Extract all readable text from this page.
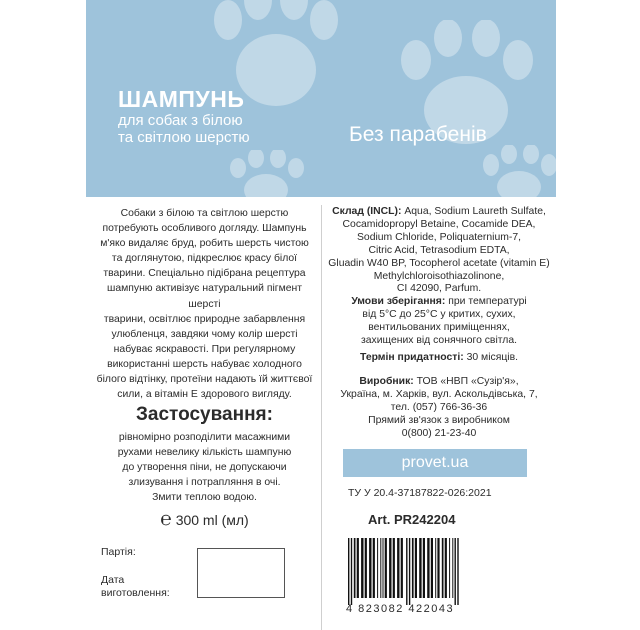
ШАМПУНЬ
для собак з білою
та світлою шерстю	Без парабенів
Собаки з білою та світлою шерстю
потребують особливого догляду. Шампунь
м'яко видаляє бруд, робить шерсть чистою
та доглянутою, підкреслює красу білої
тварини. Спеціально підібрана рецептура
шампуню активізує натуральний пігмент шерсті
тварини, освітлює природне забарвлення
улюбленця, завдяки чому колір шерсті
набуває яскравості. При регулярному
використанні шерсть набуває холодного
білого відтінку, протеїни надають їй життєвої
сили, а вітамін Е здорового вигляду.
Застосування:
рівномірно розподілити масажними
рухами невелику кількість шампуню
до утворення піни, не допускаючи
злизування і потрапляння в очі.
Змити теплою водою.
℮ 300 ml (мл)
Партія:
Дата
виготовлення:
Склад (INCL): Aqua, Sodium Laureth Sulfate,
Cocamidopropyl Betaine, Cocamide DEA,
Sodium Chloride, Poliquaternium-7,
Citric Acid, Tetrasodium EDTA,
Gluadin W40 BP, Tocopherol acetate (vitamin E)
Methylchloroisothiazolinone,
CI 42090, Parfum.
Умови зберігання: при температурі
від 5°С до 25°С у критих, сухих,
вентильованих приміщеннях,
захищених від сонячного світла.
Термін придатності: 30 місяців.
Виробник: ТОВ «НВП «Сузір'я»,
Україна, м. Харків, вул. Аскольдівська, 7,
тел. (057) 766-36-36
Прямий зв'язок з виробником
0(800) 21-23-40
provet.ua
ТУ У 20.4-37187822-026:2021
Art. PR242204
4 823082 422043
